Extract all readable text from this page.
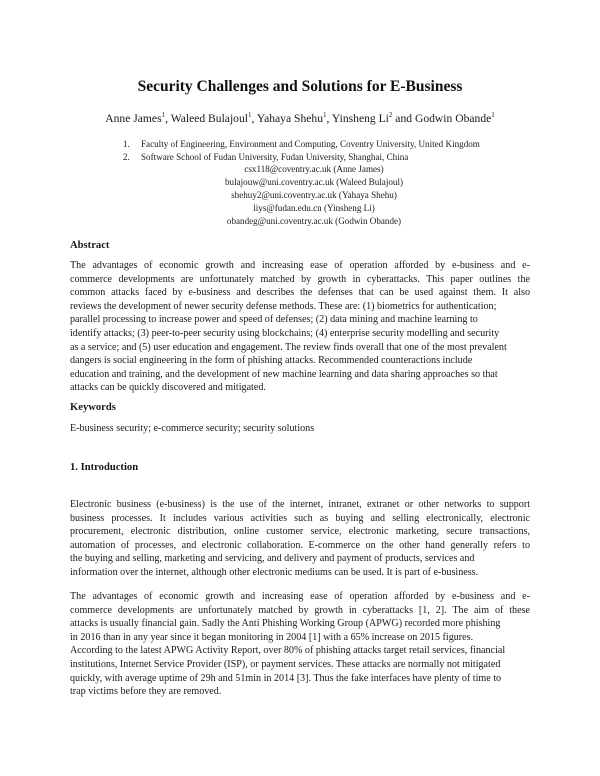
Security Challenges and Solutions for E-Business
Anne James$^1$, Waleed Bulajoul$^1$, Yahaya Shehu$^1$, Yinsheng Li$^2$ and Godwin Obande$^1$
1. Faculty of Engineering, Environment and Computing, Coventry University, United Kingdom
2. Software School of Fudan University, Fudan University, Shanghai, China
csx118@coventry.ac.uk (Anne James)
bulajouw@uni.coventry.ac.uk (Waleed Bulajoul)
shehuy2@uni.coventry.ac.uk (Yahaya Shehu)
liys@fudan.edu.cn (Yinsheng Li)
obandeg@uni.coventry.ac.uk (Godwin Obande)
Abstract
The advantages of economic growth and increasing ease of operation afforded by e-business and e-
commerce developments are unfortunately matched by growth in cyberattacks. This paper outlines the
common attacks faced by e-business and describes the defenses that can be used against them. It also
reviews the development of newer security defense methods. These are: (1) biometrics for authentication;
parallel processing to increase power and speed of defenses; (2) data mining and machine learning to
identify attacks; (3) peer-to-peer security using blockchains; (4) enterprise security modelling and security
as a service; and (5) user education and engagement. The review finds overall that one of the most prevalent
dangers is social engineering in the form of phishing attacks. Recommended counteractions include
education and training, and the development of new machine learning and data sharing approaches so that
attacks can be quickly discovered and mitigated.
Keywords
E-business security; e-commerce security; security solutions
1. Introduction
Electronic business (e-business) is the use of the internet, intranet, extranet or other networks to support
business processes. It includes various activities such as buying and selling electronically, electronic
procurement, electronic distribution, online customer service, electronic marketing, secure transactions,
automation of processes, and electronic collaboration. E-commerce on the other hand generally refers to
the buying and selling, marketing and servicing, and delivery and payment of products, services and
information over the internet, although other electronic mediums can be used. It is part of e-business.
The advantages of economic growth and increasing ease of operation afforded by e-business and e-
commerce developments are unfortunately matched by growth in cyberattacks [1, 2]. The aim of these
attacks is usually financial gain. Sadly the Anti Phishing Working Group (APWG) recorded more phishing
in 2016 than in any year since it began monitoring in 2004 [1] with a 65% increase on 2015 figures.
According to the latest APWG Activity Report, over 80% of phishing attacks target retail services, financial
institutions, Internet Service Provider (ISP), or payment services. These attacks are normally not mitigated
quickly, with average uptime of 29h and 51min in 2014 [3]. Thus the fake interfaces have plenty of time to
trap victims before they are removed.
